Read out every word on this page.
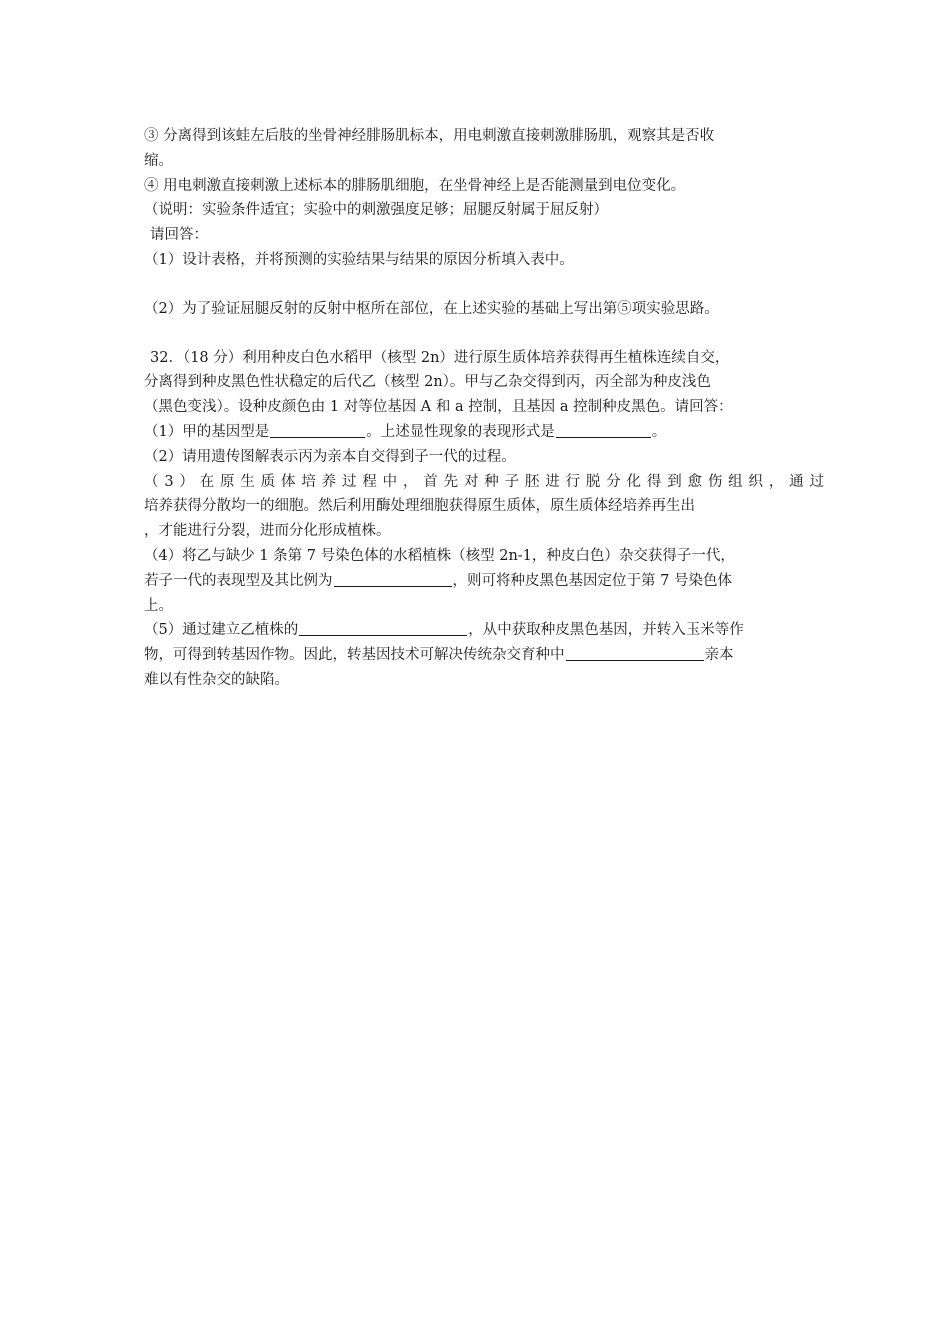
③ 分离得到该蛙左后肢的坐骨神经腓肠肌标本，用电刺激直接刺激腓肠肌，观察其是否收
缩。
④ 用电刺激直接刺激上述标本的腓肠肌细胞，在坐骨神经上是否能测量到电位变化。
（说明：实验条件适宜；实验中的刺激强度足够；屈腿反射属于屈反射）
请回答：
（1）设计表格，并将预测的实验结果与结果的原因分析填入表中。
（2）为了验证屈腿反射的反射中枢所在部位，在上述实验的基础上写出第⑤项实验思路。
32．（18 分）利用种皮白色水稻甲（核型 2n）进行原生质体培养获得再生植株连续自交，
分离得到种皮黑色性状稳定的后代乙（核型 2n）。甲与乙杂交得到丙，丙全部为种皮浅色
（黑色变浅）。设种皮颜色由 1 对等位基因 A 和 a 控制，且基因 a 控制种皮黑色。请回答：
（1）甲的基因型是	。上述显性现象的表现形式是	。
（2）请用遗传图解表示丙为亲本自交得到子一代的过程。
（3）在原生质体培养过程中，首先对种子胚进行脱分化得到愈伤组织，通过
培养获得分散均一的细胞。然后利用酶处理细胞获得原生质体，原生质体经培养再生出
，才能进行分裂，进而分化形成植株。
（4）将乙与缺少 1 条第 7 号染色体的水稻植株（核型 2n-1，种皮白色）杂交获得子一代，
若子一代的表现型及其比例为	，则可将种皮黑色基因定位于第 7 号染色体
上。
（5）通过建立乙植株的	，从中获取种皮黑色基因，并转入玉米等作
物，可得到转基因作物。因此，转基因技术可解决传统杂交育种中	亲本
难以有性杂交的缺陷。
